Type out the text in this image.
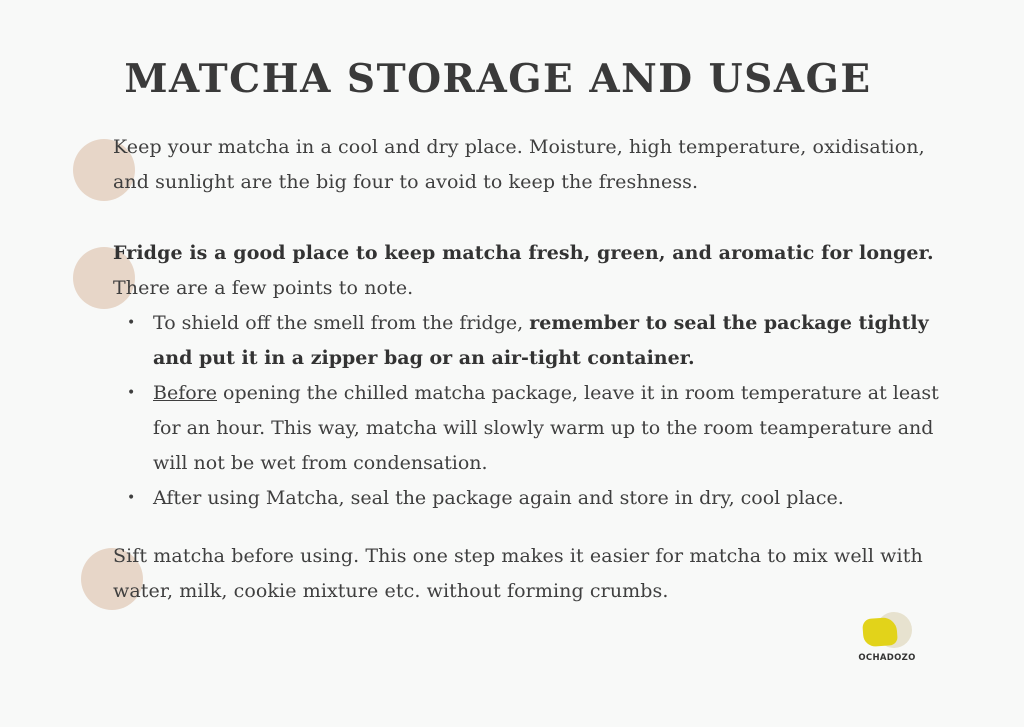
MATCHA STORAGE AND USAGE

Keep your matcha in a cool and dry place. Moisture, high temperature, oxidisation, and sunlight are the big four to avoid to keep the freshness.

Fridge is a good place to keep matcha fresh, green, and aromatic for longer. There are a few points to note.

• To shield off the smell from the fridge, remember to seal the package tightly and put it in a zipper bag or an air-tight container.
• Before opening the chilled matcha package, leave it in room temperature at least for an hour. This way, matcha will slowly warm up to the room teamperature and will not be wet from condensation.
• After using Matcha, seal the package again and store in dry, cool place.

Sift matcha before using. This one step makes it easier for matcha to mix well with water, milk, cookie mixture etc. without forming crumbs.

OCHADOZO
